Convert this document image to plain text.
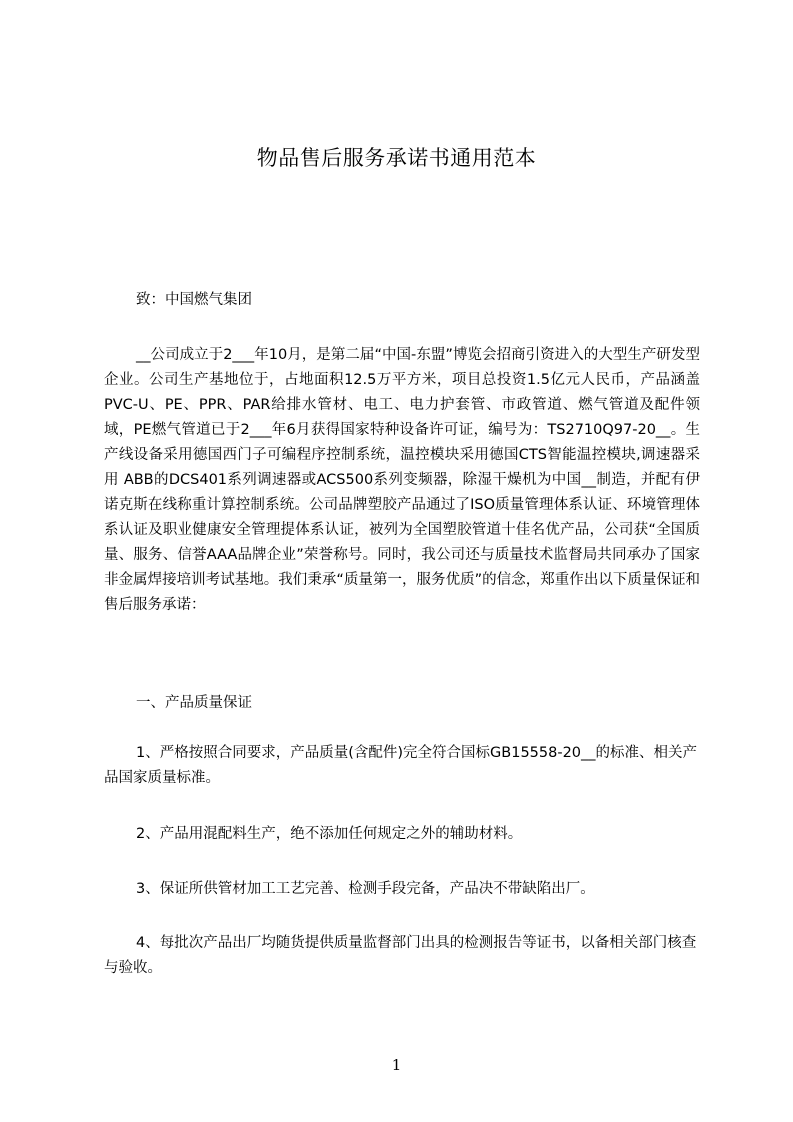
物品售后服务承诺书通用范本
致：中国燃气集团
__公司成立于2___年10月，是第二届“中国-东盟”博览会招商引资进入的大型生产研发型企业。公司生产基地位于，占地面积12.5万平方米，项目总投资1.5亿元人民币，产品涵盖PVC-U、PE、PPR、PAR给排水管材、电工、电力护套管、市政管道、燃气管道及配件领域，PE燃气管道已于2___年6月获得国家特种设备许可证，编号为：TS2710Q97-20__。生产线设备采用德国西门子可编程序控制系统，温控模块采用德国CTS智能温控模块,调速器采用 ABB的DCS401系列调速器或ACS500系列变频器，除湿干燥机为中国__制造，并配有伊诺克斯在线称重计算控制系统。公司品牌塑胶产品通过了ISO质量管理体系认证、环境管理体系认证及职业健康安全管理提体系认证，被列为全国塑胶管道十佳名优产品，公司获“全国质量、服务、信誉AAA品牌企业”荣誉称号。同时，我公司还与质量技术监督局共同承办了国家非金属焊接培训考试基地。我们秉承“质量第一，服务优质”的信念，郑重作出以下质量保证和售后服务承诺：
一、产品质量保证
1、严格按照合同要求，产品质量(含配件)完全符合国标GB15558-20__的标准、相关产品国家质量标准。
2、产品用混配料生产，绝不添加任何规定之外的辅助材料。
3、保证所供管材加工工艺完善、检测手段完备，产品决不带缺陷出厂。
4、每批次产品出厂均随货提供质量监督部门出具的检测报告等证书，以备相关部门核查与验收。
1
